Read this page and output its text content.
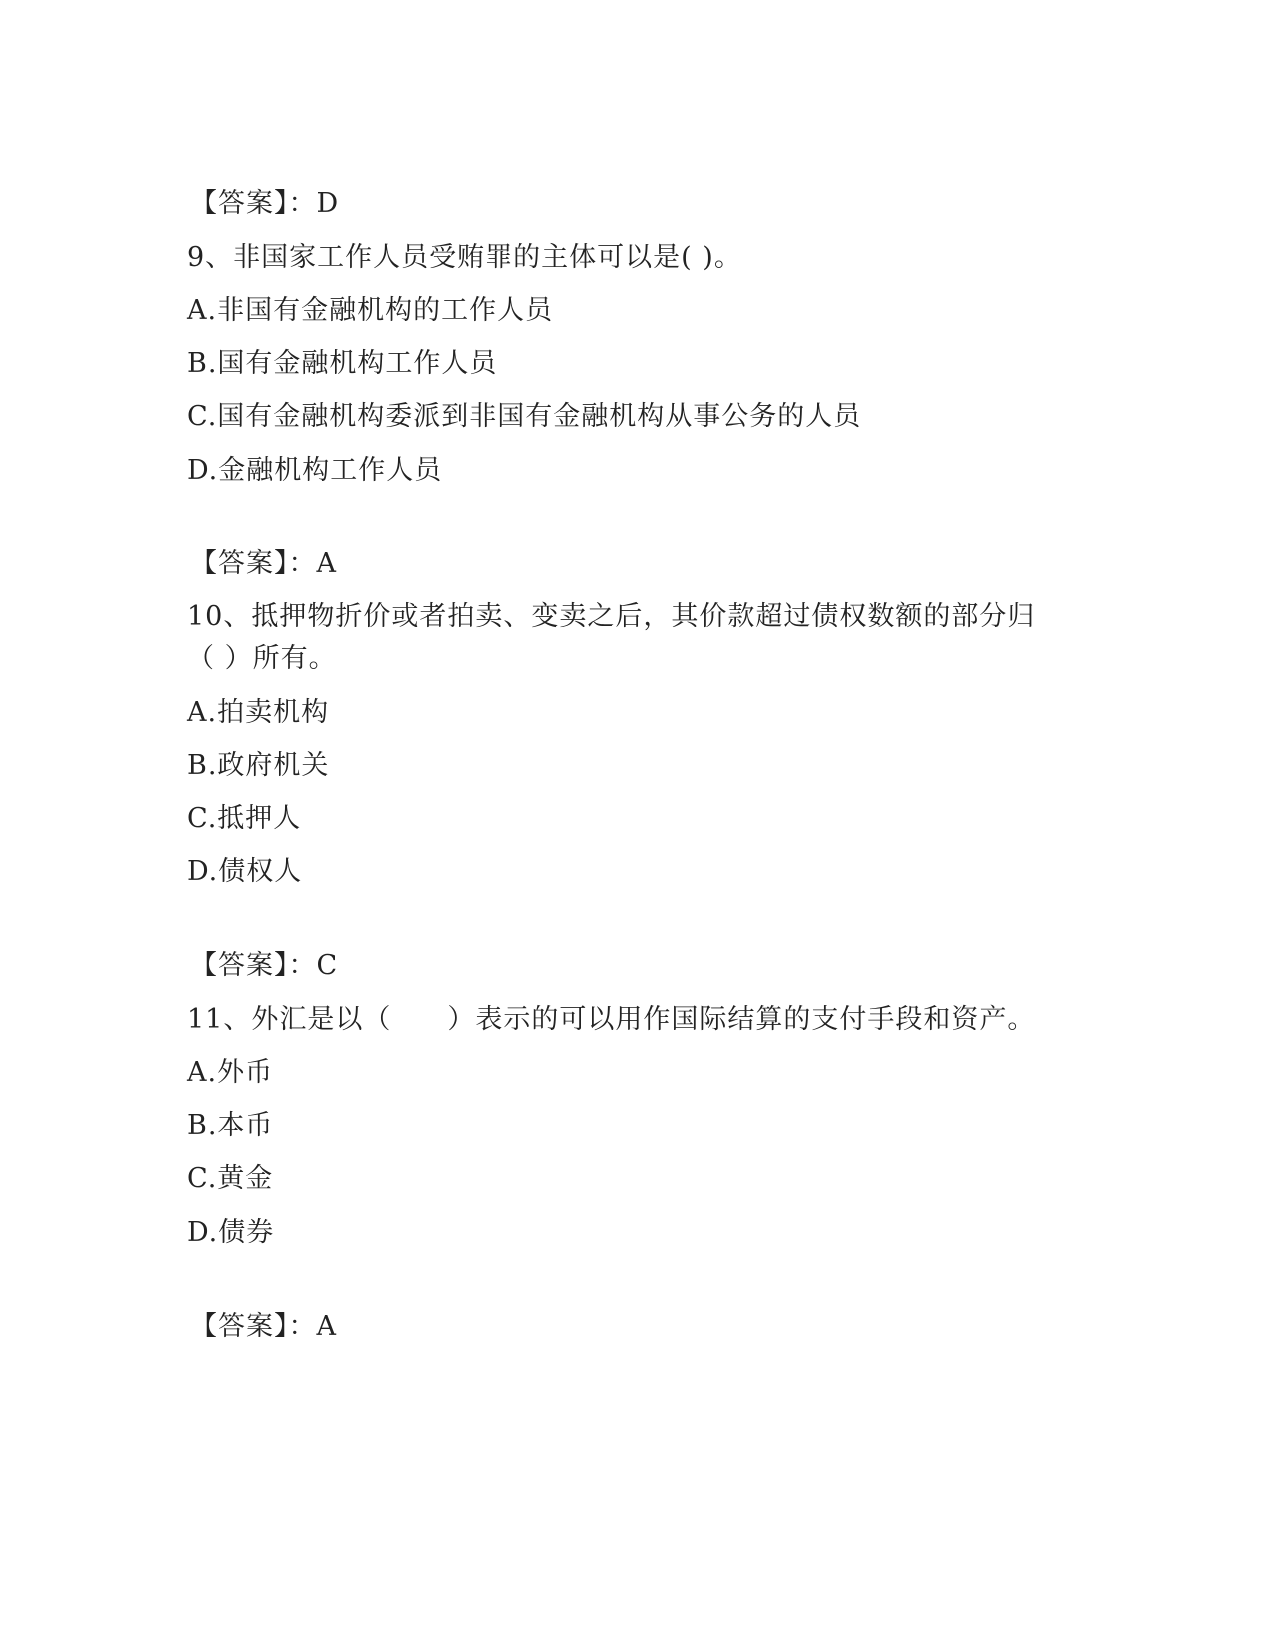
【答案】：D
9、非国家工作人员受贿罪的主体可以是( )。
A.非国有金融机构的工作人员
B.国有金融机构工作人员
C.国有金融机构委派到非国有金融机构从事公务的人员
D.金融机构工作人员
【答案】：A
10、抵押物折价或者拍卖、变卖之后，其价款超过债权数额的部分归
（ ）所有。
A.拍卖机构
B.政府机关
C.抵押人
D.债权人
【答案】：C
11、外汇是以（　　）表示的可以用作国际结算的支付手段和资产。
A.外币
B.本币
C.黄金
D.债券
【答案】：A
